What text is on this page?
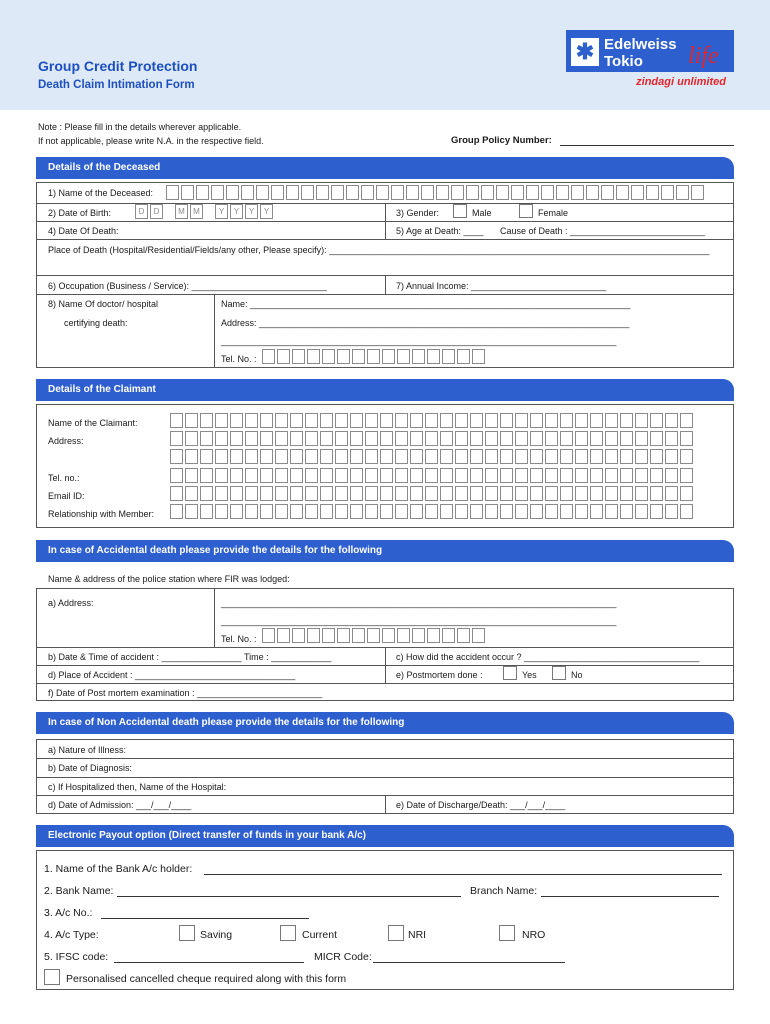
Group Credit Protection
Death Claim Intimation Form
✱ Edelweiss
Tokio life
zindagi unlimited
Note : Please fill in the details wherever applicable.
If not applicable, please write N.A. in the respective field.	Group Policy Number:
Details of the Deceased
1) Name of the Deceased:
2) Date of Birth:	D	D	M	M	Y	Y	Y	Y	3) Gender:	Male	Female
4) Date Of Death:	5) Age at Death: ____ Cause of Death : ___________________________
Place of Death (Hospital/Residential/Fields/any other, Please specify): ____________________________________________________________________________
6) Occupation (Business / Service): ___________________________	7) Annual Income: ___________________________
8) Name Of doctor/ hospital
certifying death:
Name: ____________________________________________________________________________
Address: __________________________________________________________________________
_______________________________________________________________________________
Tel. No. :
Details of the Claimant
Name of the Claimant:
Address:
Tel. no.:
Email ID:
Relationship with Member:
In case of Accidental death please provide the details for the following
Name & address of the police station where FIR was lodged:
a) Address:	_______________________________________________________________________________
_______________________________________________________________________________
Tel. No. :
b) Date & Time of accident : ________________ Time : ____________	c) How did the accident occur ? ___________________________________
d) Place of Accident : ________________________________	e) Postmortem done :	Yes	No
f) Date of Post mortem examination : _________________________
In case of Non Accidental death please provide the details for the following
a) Nature of Illness:
b) Date of Diagnosis:
c) If Hospitalized then, Name of the Hospital:
d) Date of Admission: ___/___/____	e) Date of Discharge/Death: ___/___/____
Electronic Payout option (Direct transfer of funds in your bank A/c)
1. Name of the Bank A/c holder:
2. Bank Name:	Branch Name:
3. A/c No.:
4. A/c Type:	Saving	Current	NRI	NRO
5. IFSC code:	MICR Code:
Personalised cancelled cheque required along with this form
